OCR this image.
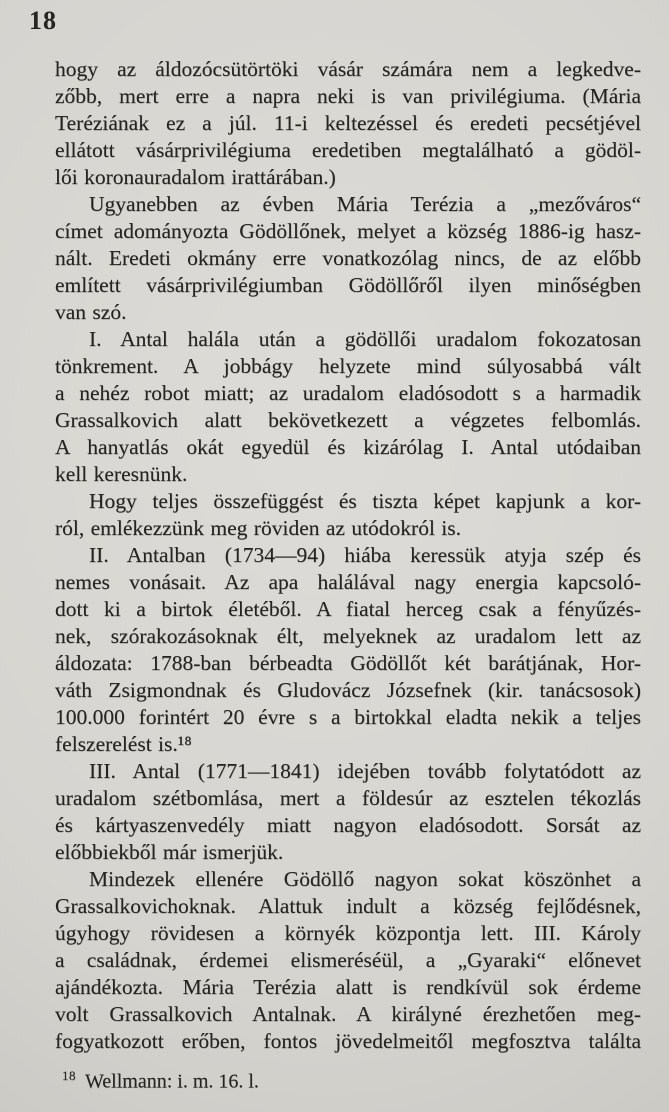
18
hogy az áldozócsütörtöki vásár számára nem a legkedve-
zőbb, mert erre a napra neki is van privilégiuma. (Mária
Teréziának ez a júl. 11-i keltezéssel és eredeti pecsétjével
ellátott vásárprivilégiuma eredetiben megtalálható a gödöl-
lői koronauradalom irattárában.)
Ugyanebben az évben Mária Terézia a „mezőváros“
címet adományozta Gödöllőnek, melyet a község 1886-ig hasz-
nált. Eredeti okmány erre vonatkozólag nincs, de az előbb
említett vásárprivilégiumban Gödöllőről ilyen minőségben
van szó.
I. Antal halála után a gödöllői uradalom fokozatosan
tönkrement. A jobbágy helyzete mind súlyosabbá vált
a nehéz robot miatt; az uradalom eladósodott s a harmadik
Grassalkovich alatt bekövetkezett a végzetes felbomlás.
A hanyatlás okát egyedül és kizárólag I. Antal utódaiban
kell keresnünk.
Hogy teljes összefüggést és tiszta képet kapjunk a kor-
ról, emlékezzünk meg röviden az utódokról is.
II. Antalban (1734—94) hiába keressük atyja szép és
nemes vonásait. Az apa halálával nagy energia kapcsoló-
dott ki a birtok életéből. A fiatal herceg csak a fényűzés-
nek, szórakozásoknak élt, melyeknek az uradalom lett az
áldozata: 1788-ban bérbeadta Gödöllőt két barátjának, Hor-
váth Zsigmondnak és Gludovácz Józsefnek (kir. tanácsosok)
100.000 forintért 20 évre s a birtokkal eladta nekik a teljes
felszerelést is.¹⁸
III. Antal (1771—1841) idejében tovább folytatódott az
uradalom szétbomlása, mert a földesúr az esztelen tékozlás
és kártyaszenvedély miatt nagyon eladósodott. Sorsát az
előbbiekből már ismerjük.
Mindezek ellenére Gödöllő nagyon sokat köszönhet a
Grassalkovichoknak. Alattuk indult a község fejlődésnek,
úgyhogy rövidesen a környék központja lett. III. Károly
a családnak, érdemei elismeréséül, a „Gyaraki“ előnevet
ajándékozta. Mária Terézia alatt is rendkívül sok érdeme
volt Grassalkovich Antalnak. A királyné érezhetően meg-
fogyatkozott erőben, fontos jövedelmeitől megfosztva találta
$^{18}$ Wellmann: i. m. 16. l.
